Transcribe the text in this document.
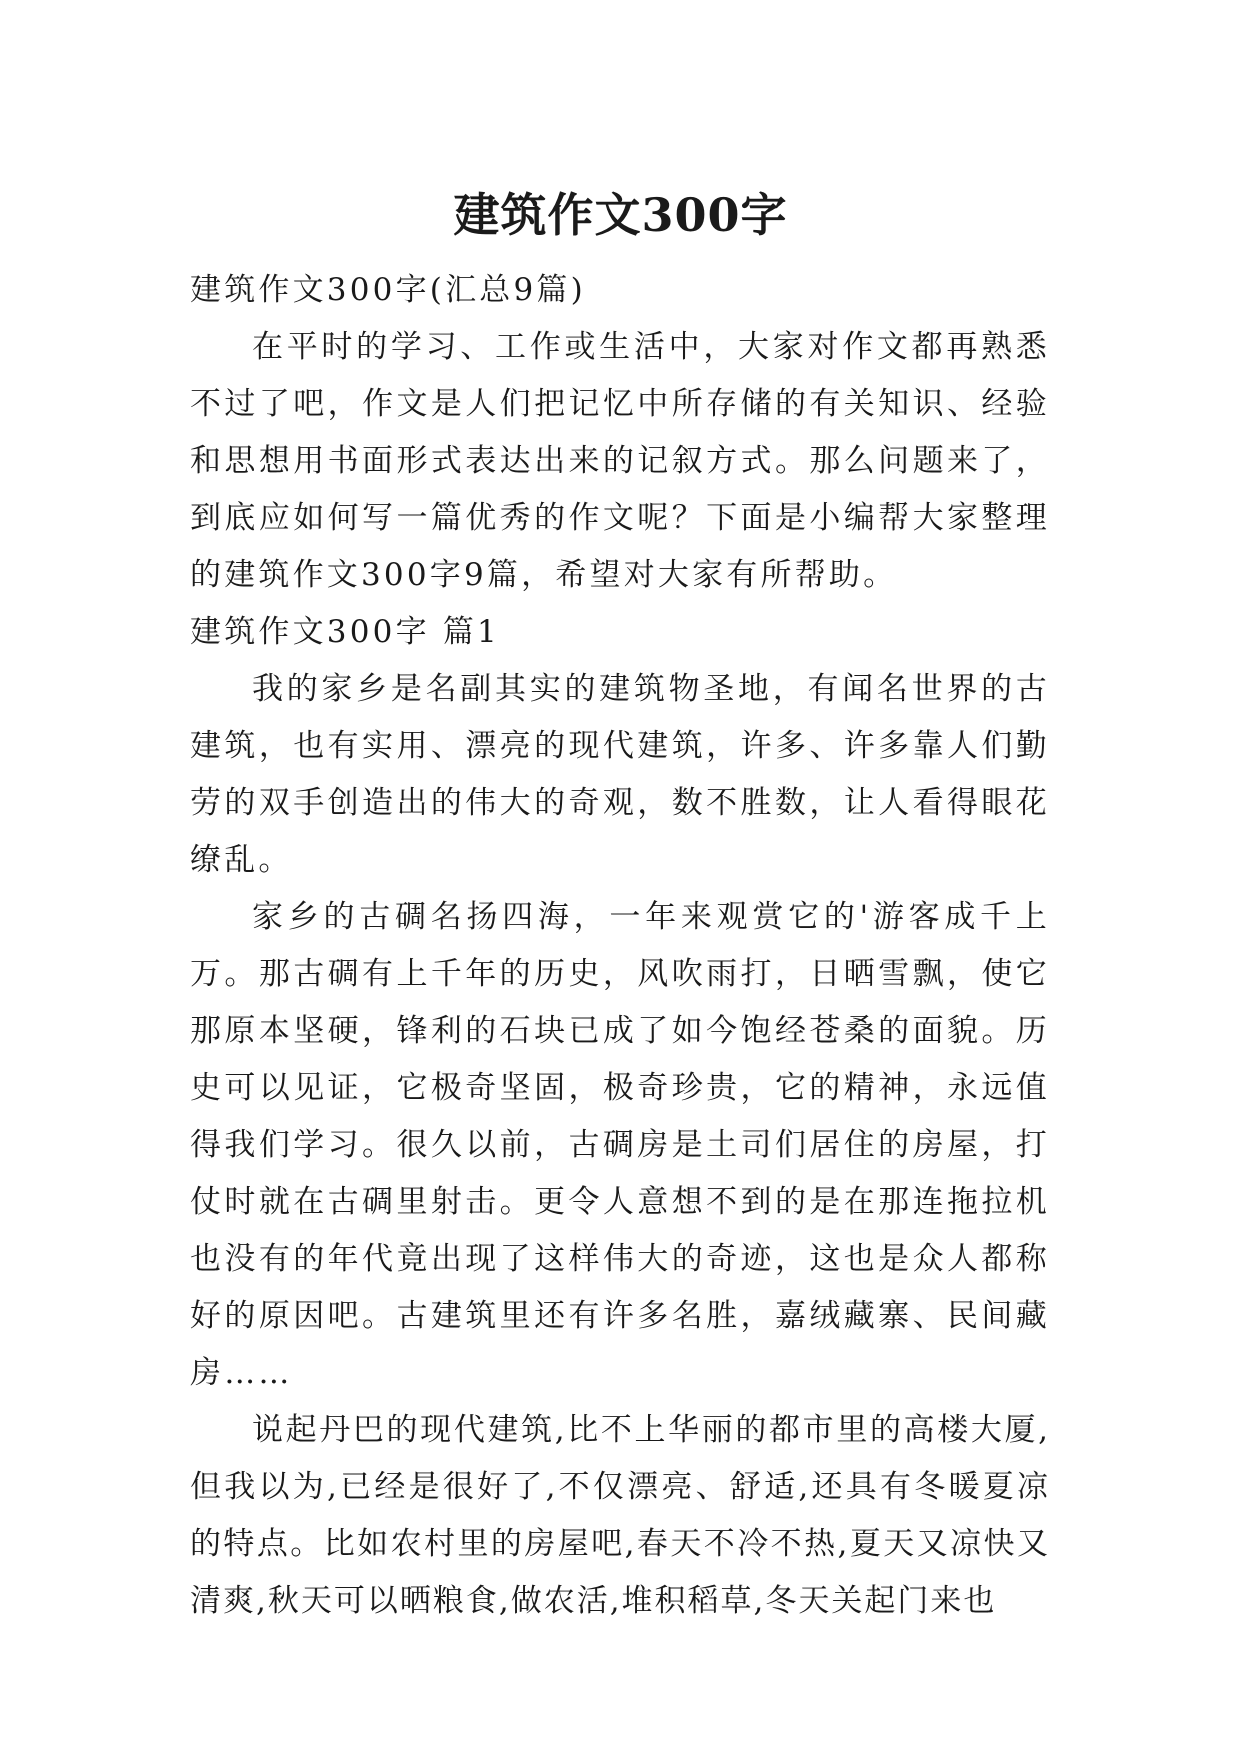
建筑作文300字

建筑作文300字(汇总9篇)

在平时的学习、工作或生活中，大家对作文都再熟悉不过了吧，作文是人们把记忆中所存储的有关知识、经验和思想用书面形式表达出来的记叙方式。那么问题来了，到底应如何写一篇优秀的作文呢？下面是小编帮大家整理的建筑作文300字9篇，希望对大家有所帮助。

建筑作文300字 篇1

我的家乡是名副其实的建筑物圣地，有闻名世界的古建筑，也有实用、漂亮的现代建筑，许多、许多靠人们勤劳的双手创造出的伟大的奇观，数不胜数，让人看得眼花缭乱。

家乡的古碉名扬四海，一年来观赏它的'游客成千上万。那古碉有上千年的历史，风吹雨打，日晒雪飘，使它那原本坚硬，锋利的石块已成了如今饱经苍桑的面貌。历史可以见证，它极奇坚固，极奇珍贵，它的精神，永远值得我们学习。很久以前，古碉房是土司们居住的房屋，打仗时就在古碉里射击。更令人意想不到的是在那连拖拉机也没有的年代竟出现了这样伟大的奇迹，这也是众人都称好的原因吧。古建筑里还有许多名胜，嘉绒藏寨、民间藏房……

说起丹巴的现代建筑,比不上华丽的都市里的高楼大厦,但我以为,已经是很好了,不仅漂亮、舒适,还具有冬暖夏凉的特点。比如农村里的房屋吧,春天不冷不热,夏天又凉快又清爽,秋天可以晒粮食,做农活,堆积稻草,冬天关起门来也
